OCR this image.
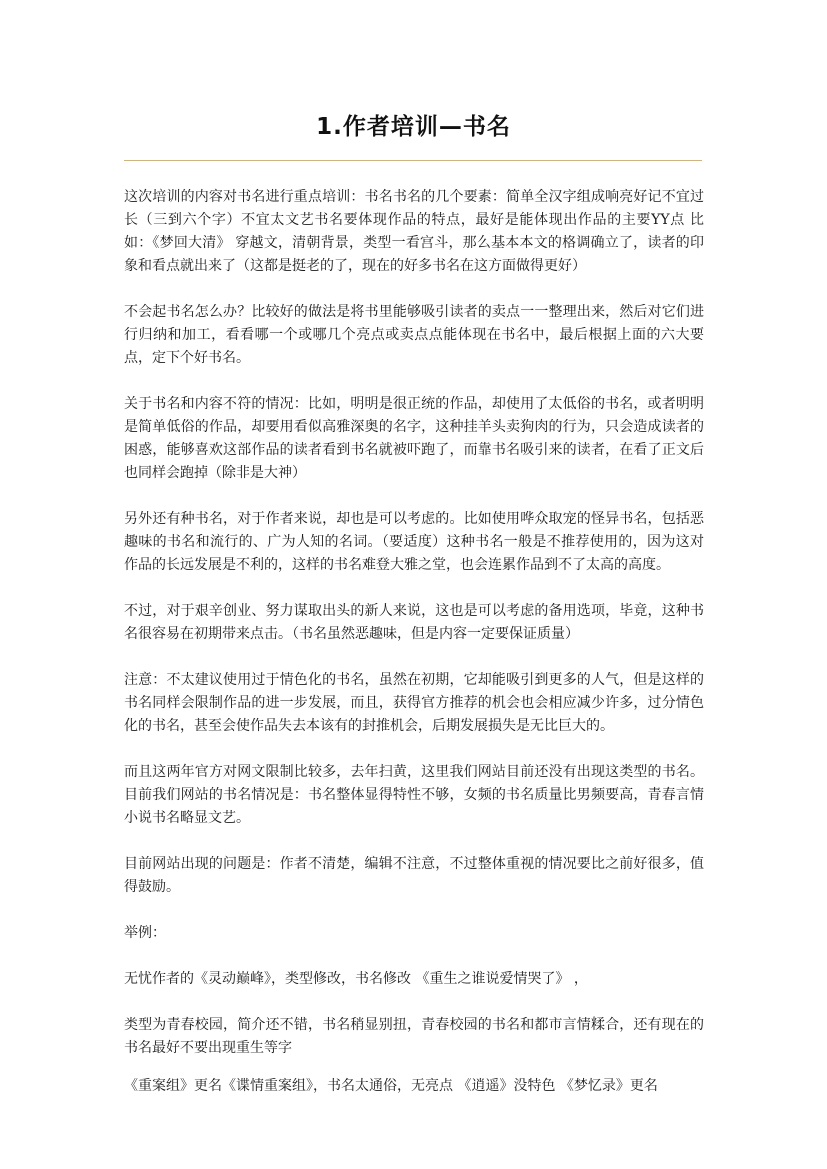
1.作者培训—书名

这次培训的内容对书名进行重点培训：书名书名的几个要素：简单全汉字组成响亮好记不宜过长（三到六个字）不宜太文艺书名要体现作品的特点，最好是能体现出作品的主要YY点 比如：《梦回大清》 穿越文，清朝背景，类型一看宫斗，那么基本本文的格调确立了，读者的印象和看点就出来了（这都是挺老的了，现在的好多书名在这方面做得更好）

不会起书名怎么办？比较好的做法是将书里能够吸引读者的卖点一一整理出来，然后对它们进行归纳和加工，看看哪一个或哪几个亮点或卖点点能体现在书名中，最后根据上面的六大要点，定下个好书名。

关于书名和内容不符的情况：比如，明明是很正统的作品，却使用了太低俗的书名，或者明明是简单低俗的作品，却要用看似高雅深奥的名字，这种挂羊头卖狗肉的行为，只会造成读者的困惑，能够喜欢这部作品的读者看到书名就被吓跑了，而靠书名吸引来的读者，在看了正文后也同样会跑掉（除非是大神）

另外还有种书名，对于作者来说，却也是可以考虑的。比如使用哗众取宠的怪异书名，包括恶趣味的书名和流行的、广为人知的名词。（要适度）这种书名一般是不推荐使用的，因为这对作品的长远发展是不利的，这样的书名难登大雅之堂，也会连累作品到不了太高的高度。

不过，对于艰辛创业、努力谋取出头的新人来说，这也是可以考虑的备用选项，毕竟，这种书名很容易在初期带来点击。（书名虽然恶趣味，但是内容一定要保证质量）

注意：不太建议使用过于情色化的书名，虽然在初期，它却能吸引到更多的人气，但是这样的书名同样会限制作品的进一步发展，而且，获得官方推荐的机会也会相应减少许多，过分情色化的书名，甚至会使作品失去本该有的封推机会，后期发展损失是无比巨大的。

而且这两年官方对网文限制比较多，去年扫黄，这里我们网站目前还没有出现这类型的书名。目前我们网站的书名情况是：书名整体显得特性不够，女频的书名质量比男频要高，青春言情小说书名略显文艺。

目前网站出现的问题是：作者不清楚，编辑不注意，不过整体重视的情况要比之前好很多，值得鼓励。

举例：

无忧作者的《灵动巅峰》，类型修改，书名修改 《重生之谁说爱情哭了》 ，

类型为青春校园，简介还不错，书名稍显别扭，青春校园的书名和都市言情糅合，还有现在的书名最好不要出现重生等字

《重案组》更名《谍情重案组》，书名太通俗，无亮点 《逍遥》没特色 《梦忆录》更名
